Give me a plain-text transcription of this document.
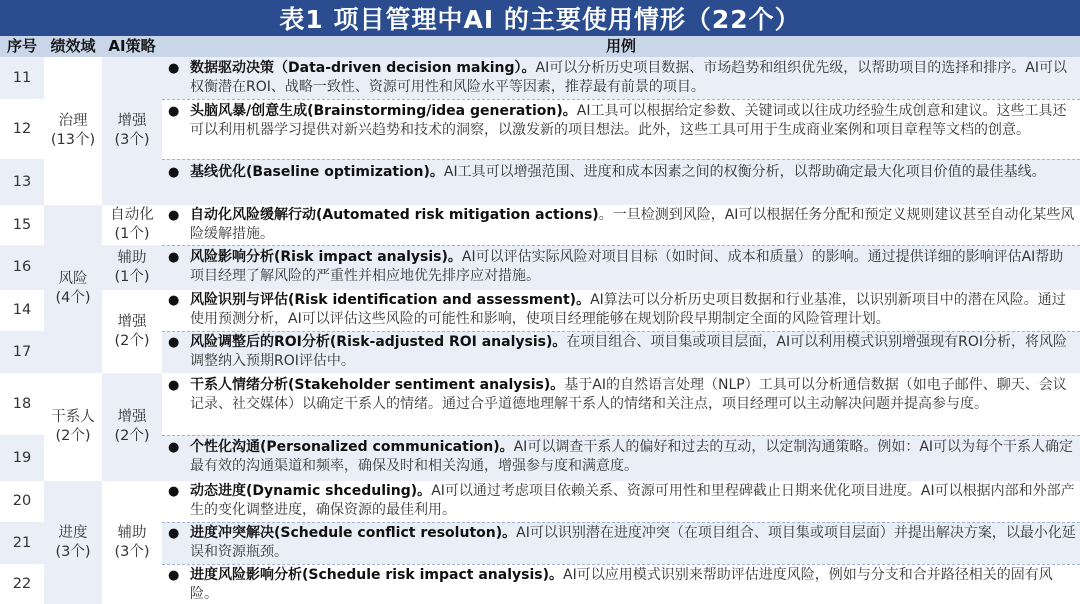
表1 项目管理中AI 的主要使用情形（22个）
序号 绩效域 AI策略	用例
11
12
13
15
16
14
17
18
19
20
21
22
治理
(13个)
风险
(4个)
干系人
(2个)
进度
(3个)
增强
(3个)
自动化
(1个)
辅助
(1个)
增强
(2个)
增强
(2个)
辅助
(3个)
● 数据驱动决策（Data-driven decision making）。AI可以分析历史项目数据、市场趋势和组织优先级，以帮助项目的选择和排序。AI可以权衡潜在ROI、战略一致性、资源可用性和风险水平等因素，推荐最有前景的项目。
● 头脑风暴/创意生成(Brainstorming/idea generation)。AI工具可以根据给定参数、关键词或以往成功经验生成创意和建议。这些工具还可以利用机器学习提供对新兴趋势和技术的洞察，以激发新的项目想法。此外，这些工具可用于生成商业案例和项目章程等文档的创意。
● 基线优化(Baseline optimization)。AI工具可以增强范围、进度和成本因素之间的权衡分析，以帮助确定最大化项目价值的最佳基线。
● 自动化风险缓解行动(Automated risk mitigation actions)。一旦检测到风险，AI可以根据任务分配和预定义规则建议甚至自动化某些风险缓解措施。
● 风险影响分析(Risk impact analysis)。AI可以评估实际风险对项目目标（如时间、成本和质量）的影响。通过提供详细的影响评估AI帮助项目经理了解风险的严重性并相应地优先排序应对措施。
● 风险识别与评估(Risk identification and assessment)。AI算法可以分析历史项目数据和行业基准，以识别新项目中的潜在风险。通过使用预测分析，AI可以评估这些风险的可能性和影响，使项目经理能够在规划阶段早期制定全面的风险管理计划。
● 风险调整后的ROI分析(Risk-adjusted ROI analysis)。在项目组合、项目集或项目层面，AI可以利用模式识别增强现有ROI分析，将风险调整纳入预期ROI评估中。
● 干系人情绪分析(Stakeholder sentiment analysis)。基于AI的自然语言处理（NLP）工具可以分析通信数据（如电子邮件、聊天、会议记录、社交媒体）以确定干系人的情绪。通过合乎道德地理解干系人的情绪和关注点，项目经理可以主动解决问题并提高参与度。
● 个性化沟通(Personalized communication)。AI可以调查干系人的偏好和过去的互动，以定制沟通策略。例如：AI可以为每个干系人确定最有效的沟通渠道和频率，确保及时和相关沟通，增强参与度和满意度。
● 动态进度(Dynamic shceduling)。AI可以通过考虑项目依赖关系、资源可用性和里程碑截止日期来优化项目进度。AI可以根据内部和外部产生的变化调整进度，确保资源的最佳利用。
● 进度冲突解决(Schedule conflict resoluton)。AI可以识别潜在进度冲突（在项目组合、项目集或项目层面）并提出解决方案，以最小化延误和资源瓶颈。
● 进度风险影响分析(Schedule risk impact analysis)。AI可以应用模式识别来帮助评估进度风险，例如与分支和合并路径相关的固有风险。
